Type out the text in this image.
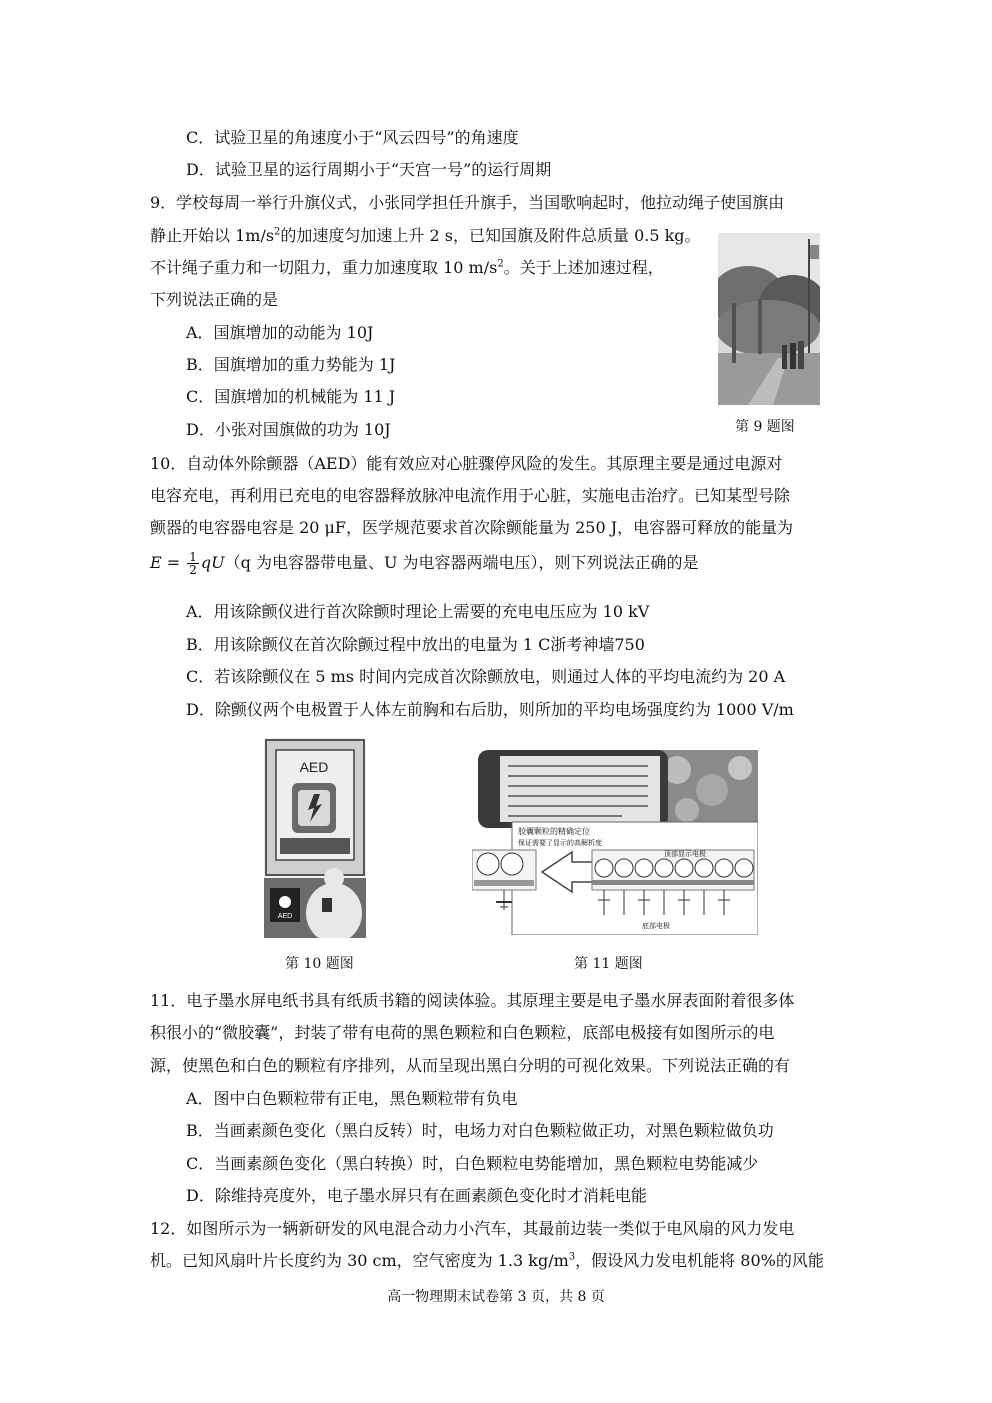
C．试验卫星的角速度小于“风云四号”的角速度
D．试验卫星的运行周期小于“天宫一号”的运行周期
9．学校每周一举行升旗仪式，小张同学担任升旗手，当国歌响起时，他拉动绳子使国旗由
静止开始以 $1m/s^2$的加速度匀加速上升 2 s，已知国旗及附件总质量 0.5 kg。
不计绳子重力和一切阻力，重力加速度取 10 $m/s^2$。关于上述加速过程，
下列说法正确的是
A．国旗增加的动能为 10J
B．国旗增加的重力势能为 1J
C．国旗增加的机械能为 11 J
D．小张对国旗做的功为 10J	第 9 题图
10．自动体外除颤器（AED）能有效应对心脏骤停风险的发生。其原理主要是通过电源对
电容充电，再利用已充电的电容器释放脉冲电流作用于心脏，实施电击治疗。已知某型号除
颤器的电容器电容是 20 μF，医学规范要求首次除颤能量为 250 J，电容器可释放的能量为
$E = \frac{1}{2} qU(q$ 为电容器带电量、U 为电容器两端电压），则下列说法正确的是
A．用该除颤仪进行首次除颤时理论上需要的充电电压应为 10 kV
B．用该除颤仪在首次除颤过程中放出的电量为 1 C浙考神墙750
C．若该除颤仪在 5 ms 时间内完成首次除颤放电，则通过人体的平均电流约为 20 A
D．除颤仪两个电极置于人体左前胸和右后肋，则所加的平均电场强度约为 1000 V/m
AED
AED
第 10 题图
胶囊颗粒的精确定位
保证需要了显示的高解析度
顶部显示电极
底部电极
第 11 题图
11．电子墨水屏电纸书具有纸质书籍的阅读体验。其原理主要是电子墨水屏表面附着很多体
积很小的“微胶囊”，封装了带有电荷的黑色颗粒和白色颗粒，底部电极接有如图所示的电
源，使黑色和白色的颗粒有序排列，从而呈现出黑白分明的可视化效果。下列说法正确的有
A．图中白色颗粒带有正电，黑色颗粒带有负电
B．当画素颜色变化（黑白反转）时，电场力对白色颗粒做正功，对黑色颗粒做负功
C．当画素颜色变化（黑白转换）时，白色颗粒电势能增加，黑色颗粒电势能减少
D．除维持亮度外，电子墨水屏只有在画素颜色变化时才消耗电能
12．如图所示为一辆新研发的风电混合动力小汽车，其最前边装一类似于电风扇的风力发电
机。已知风扇叶片长度约为 30 cm，空气密度为 1.3 $kg/m^3$，假设风力发电机能将 80%的风能
高一物理期末试卷第 3 页，共 8 页
